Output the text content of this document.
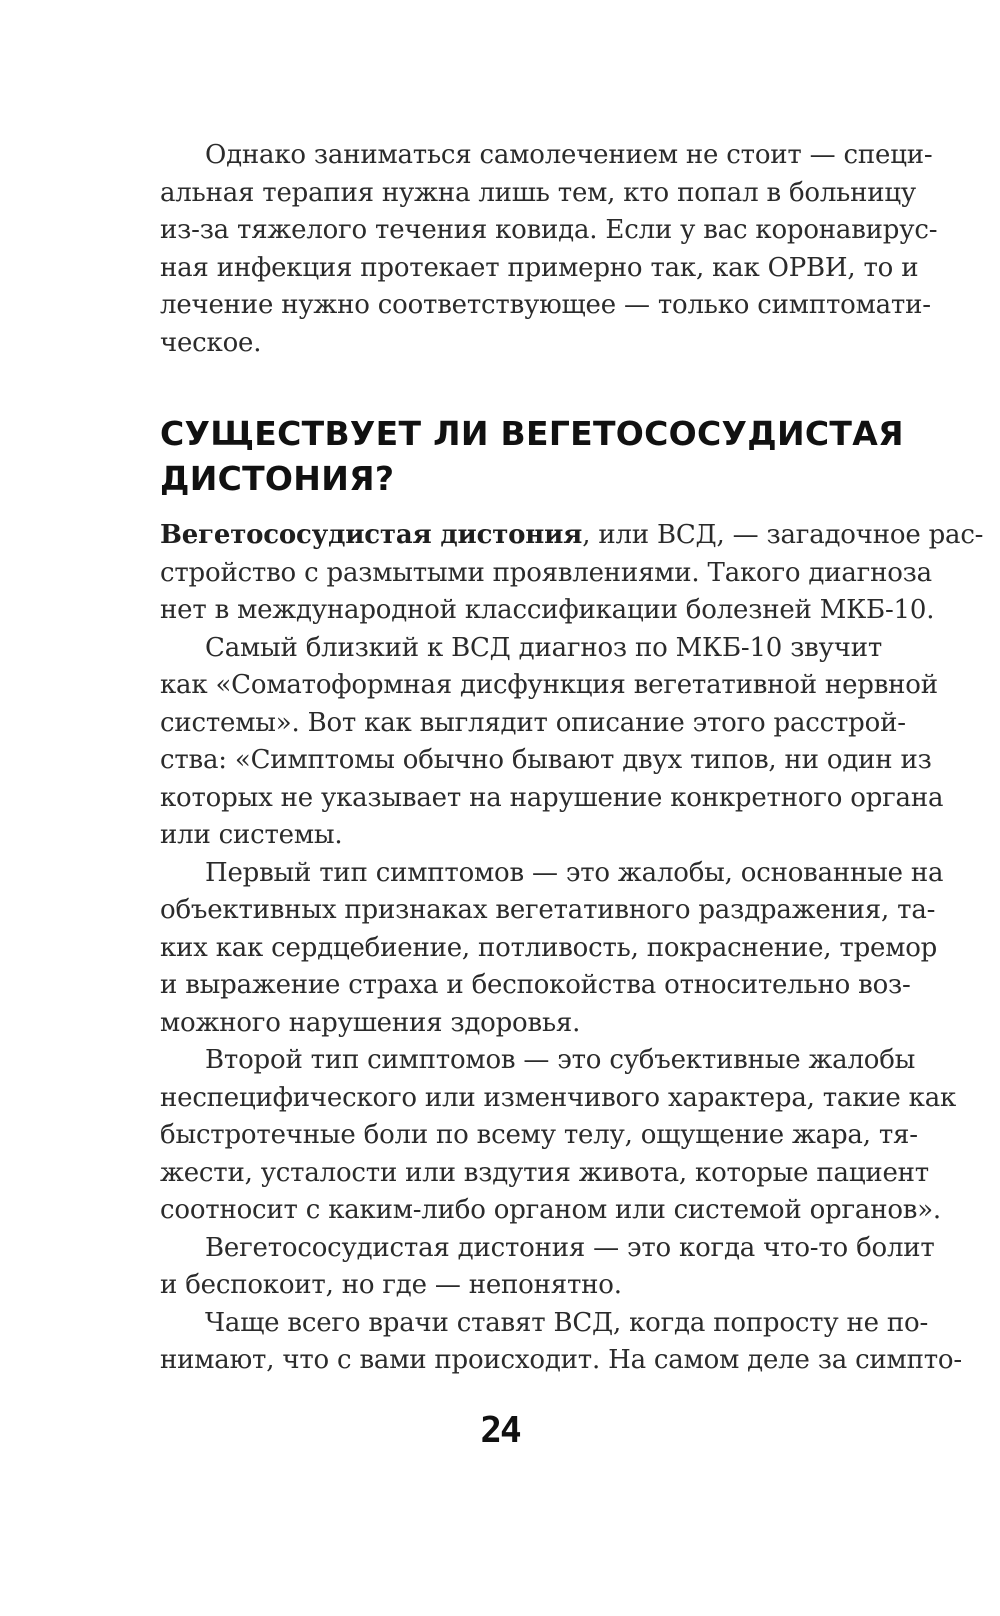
Однако заниматься самолечением не стоит — специ-
альная терапия нужна лишь тем, кто попал в больницу
из-за тяжелого течения ковида. Если у вас коронавирус-
ная инфекция протекает примерно так, как ОРВИ, то и
лечение нужно соответствующее — только симптомати-
ческое.
СУЩЕСТВУЕТ ЛИ ВЕГЕТОСОСУДИСТАЯ
ДИСТОНИЯ?
Вегетососудистая дистония, или ВСД, — загадочное рас-
стройство с размытыми проявлениями. Такого диагноза
нет в международной классификации болезней МКБ-10.
Самый близкий к ВСД диагноз по МКБ-10 звучит
как «Соматоформная дисфункция вегетативной нервной
системы». Вот как выглядит описание этого расстрой-
ства: «Симптомы обычно бывают двух типов, ни один из
которых не указывает на нарушение конкретного органа
или системы.
Первый тип симптомов — это жалобы, основанные на
объективных признаках вегетативного раздражения, та-
ких как сердцебиение, потливость, покраснение, тремор
и выражение страха и беспокойства относительно воз-
можного нарушения здоровья.
Второй тип симптомов — это субъективные жалобы
неспецифического или изменчивого характера, такие как
быстротечные боли по всему телу, ощущение жара, тя-
жести, усталости или вздутия живота, которые пациент
соотносит с каким-либо органом или системой органов».
Вегетососудистая дистония — это когда что-то болит
и беспокоит, но где — непонятно.
Чаще всего врачи ставят ВСД, когда попросту не по-
нимают, что с вами происходит. На самом деле за симпто-
24
